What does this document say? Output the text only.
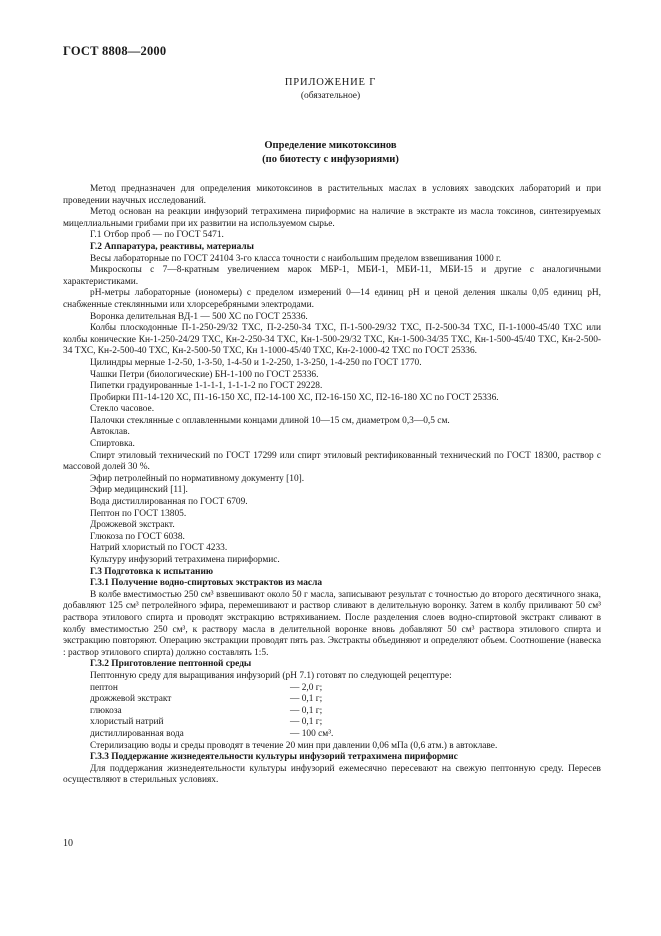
ГОСТ 8808—2000
ПРИЛОЖЕНИЕ Г
(обязательное)
Определение микотоксинов
(по биотесту с инфузориями)

Метод предназначен для определения микотоксинов в растительных маслах в условиях заводских лабораторий и при проведении научных исследований.

Метод основан на реакции инфузорий тетрахимена пириформис на наличие в экстракте из масла токсинов, синтезируемых мицеллиальными грибами при их развитии на используемом сырье.

Г.1 Отбор проб — по ГОСТ 5471.

Г.2 Аппаратура, реактивы, материалы

Весы лабораторные по ГОСТ 24104 3-го класса точности с наибольшим пределом взвешивания 1000 г.

Микроскопы с 7—8-кратным увеличением марок МБР-1, МБИ-1, МБИ-11, МБИ-15 и другие с аналогичными характеристиками.

рН-метры лабораторные (иономеры) с пределом измерений 0—14 единиц рН и ценой деления шкалы 0,05 единиц рН, снабженные стеклянными или хлорсеребряными электродами.

Воронка делительная ВД-1 — 500 ХС по ГОСТ 25336.

Колбы плоскодонные П-1-250-29/32 ТХС, П-2-250-34 ТХС, П-1-500-29/32 ТХС, П-2-500-34 ТХС, П-1-1000-45/40 ТХС или колбы конические Кн-1-250-24/29 ТХС, Кн-2-250-34 ТХС, Кн-1-500-29/32 ТХС, Кн-1-500-34/35 ТХС, Кн-1-500-45/40 ТХС, Кн-2-500-34 ТХС, Кн-2-500-40 ТХС, Кн-2-500-50 ТХС, Кн 1-1000-45/40 ТХС, Кн-2-1000-42 ТХС по ГОСТ 25336.

Цилиндры мерные 1-2-50, 1-3-50, 1-4-50 и 1-2-250, 1-3-250, 1-4-250 по ГОСТ 1770.

Чашки Петри (биологические) БН-1-100 по ГОСТ 25336.

Пипетки градуированные 1-1-1-1, 1-1-1-2 по ГОСТ 29228.

Пробирки П1-14-120 ХС, П1-16-150 ХС, П2-14-100 ХС, П2-16-150 ХС, П2-16-180 ХС по ГОСТ 25336.

Стекло часовое.

Палочки стеклянные с оплавленными концами длиной 10—15 см, диаметром 0,3—0,5 см.

Автоклав.

Спиртовка.

Спирт этиловый технический по ГОСТ 17299 или спирт этиловый ректификованный технический по ГОСТ 18300, раствор с массовой долей 30 %.

Эфир петролейный по нормативному документу [10].

Эфир медицинский [11].

Вода дистиллированная по ГОСТ 6709.

Пептон по ГОСТ 13805.

Дрожжевой экстракт.

Глюкоза по ГОСТ 6038.

Натрий хлористый по ГОСТ 4233.

Культуру инфузорий тетрахимена пириформис.

Г.3 Подготовка к испытанию

Г.3.1 Получение водно-спиртовых экстрактов из масла

В колбе вместимостью 250 см³ взвешивают около 50 г масла, записывают результат с точностью до второго десятичного знака, добавляют 125 см³ петролейного эфира, перемешивают и раствор сливают в делительную воронку. Затем в колбу приливают 50 см³ раствора этилового спирта и проводят экстракцию встряхиванием. После разделения слоев водно-спиртовой экстракт сливают в колбу вместимостью 250 см³, к раствору масла в делительной воронке вновь добавляют 50 см³ раствора этилового спирта и экстракцию повторяют. Операцию экстракции проводят пять раз. Экстракты объединяют и определяют объем. Соотношение (навеска : раствор этилового спирта) должно составлять 1:5.

Г.3.2 Приготовление пептонной среды

Пептонную среду для выращивания инфузорий (рН 7.1) готовят по следующей рецептуре:

пептон	— 2,0 г;
дрожжевой экстракт	— 0,1 г;
глюкоза	— 0,1 г;
хлористый натрий	— 0,1 г;
дистиллированная вода	— 100 см³.

Стерилизацию воды и среды проводят в течение 20 мин при давлении 0,06 мПа (0,6 атм.) в автоклаве.

Г.3.3 Поддержание жизнедеятельности культуры инфузорий тетрахимена пириформис

Для поддержания жизнедеятельности культуры инфузорий ежемесячно пересевают на свежую пептонную среду. Пересев осуществляют в стерильных условиях.

10
